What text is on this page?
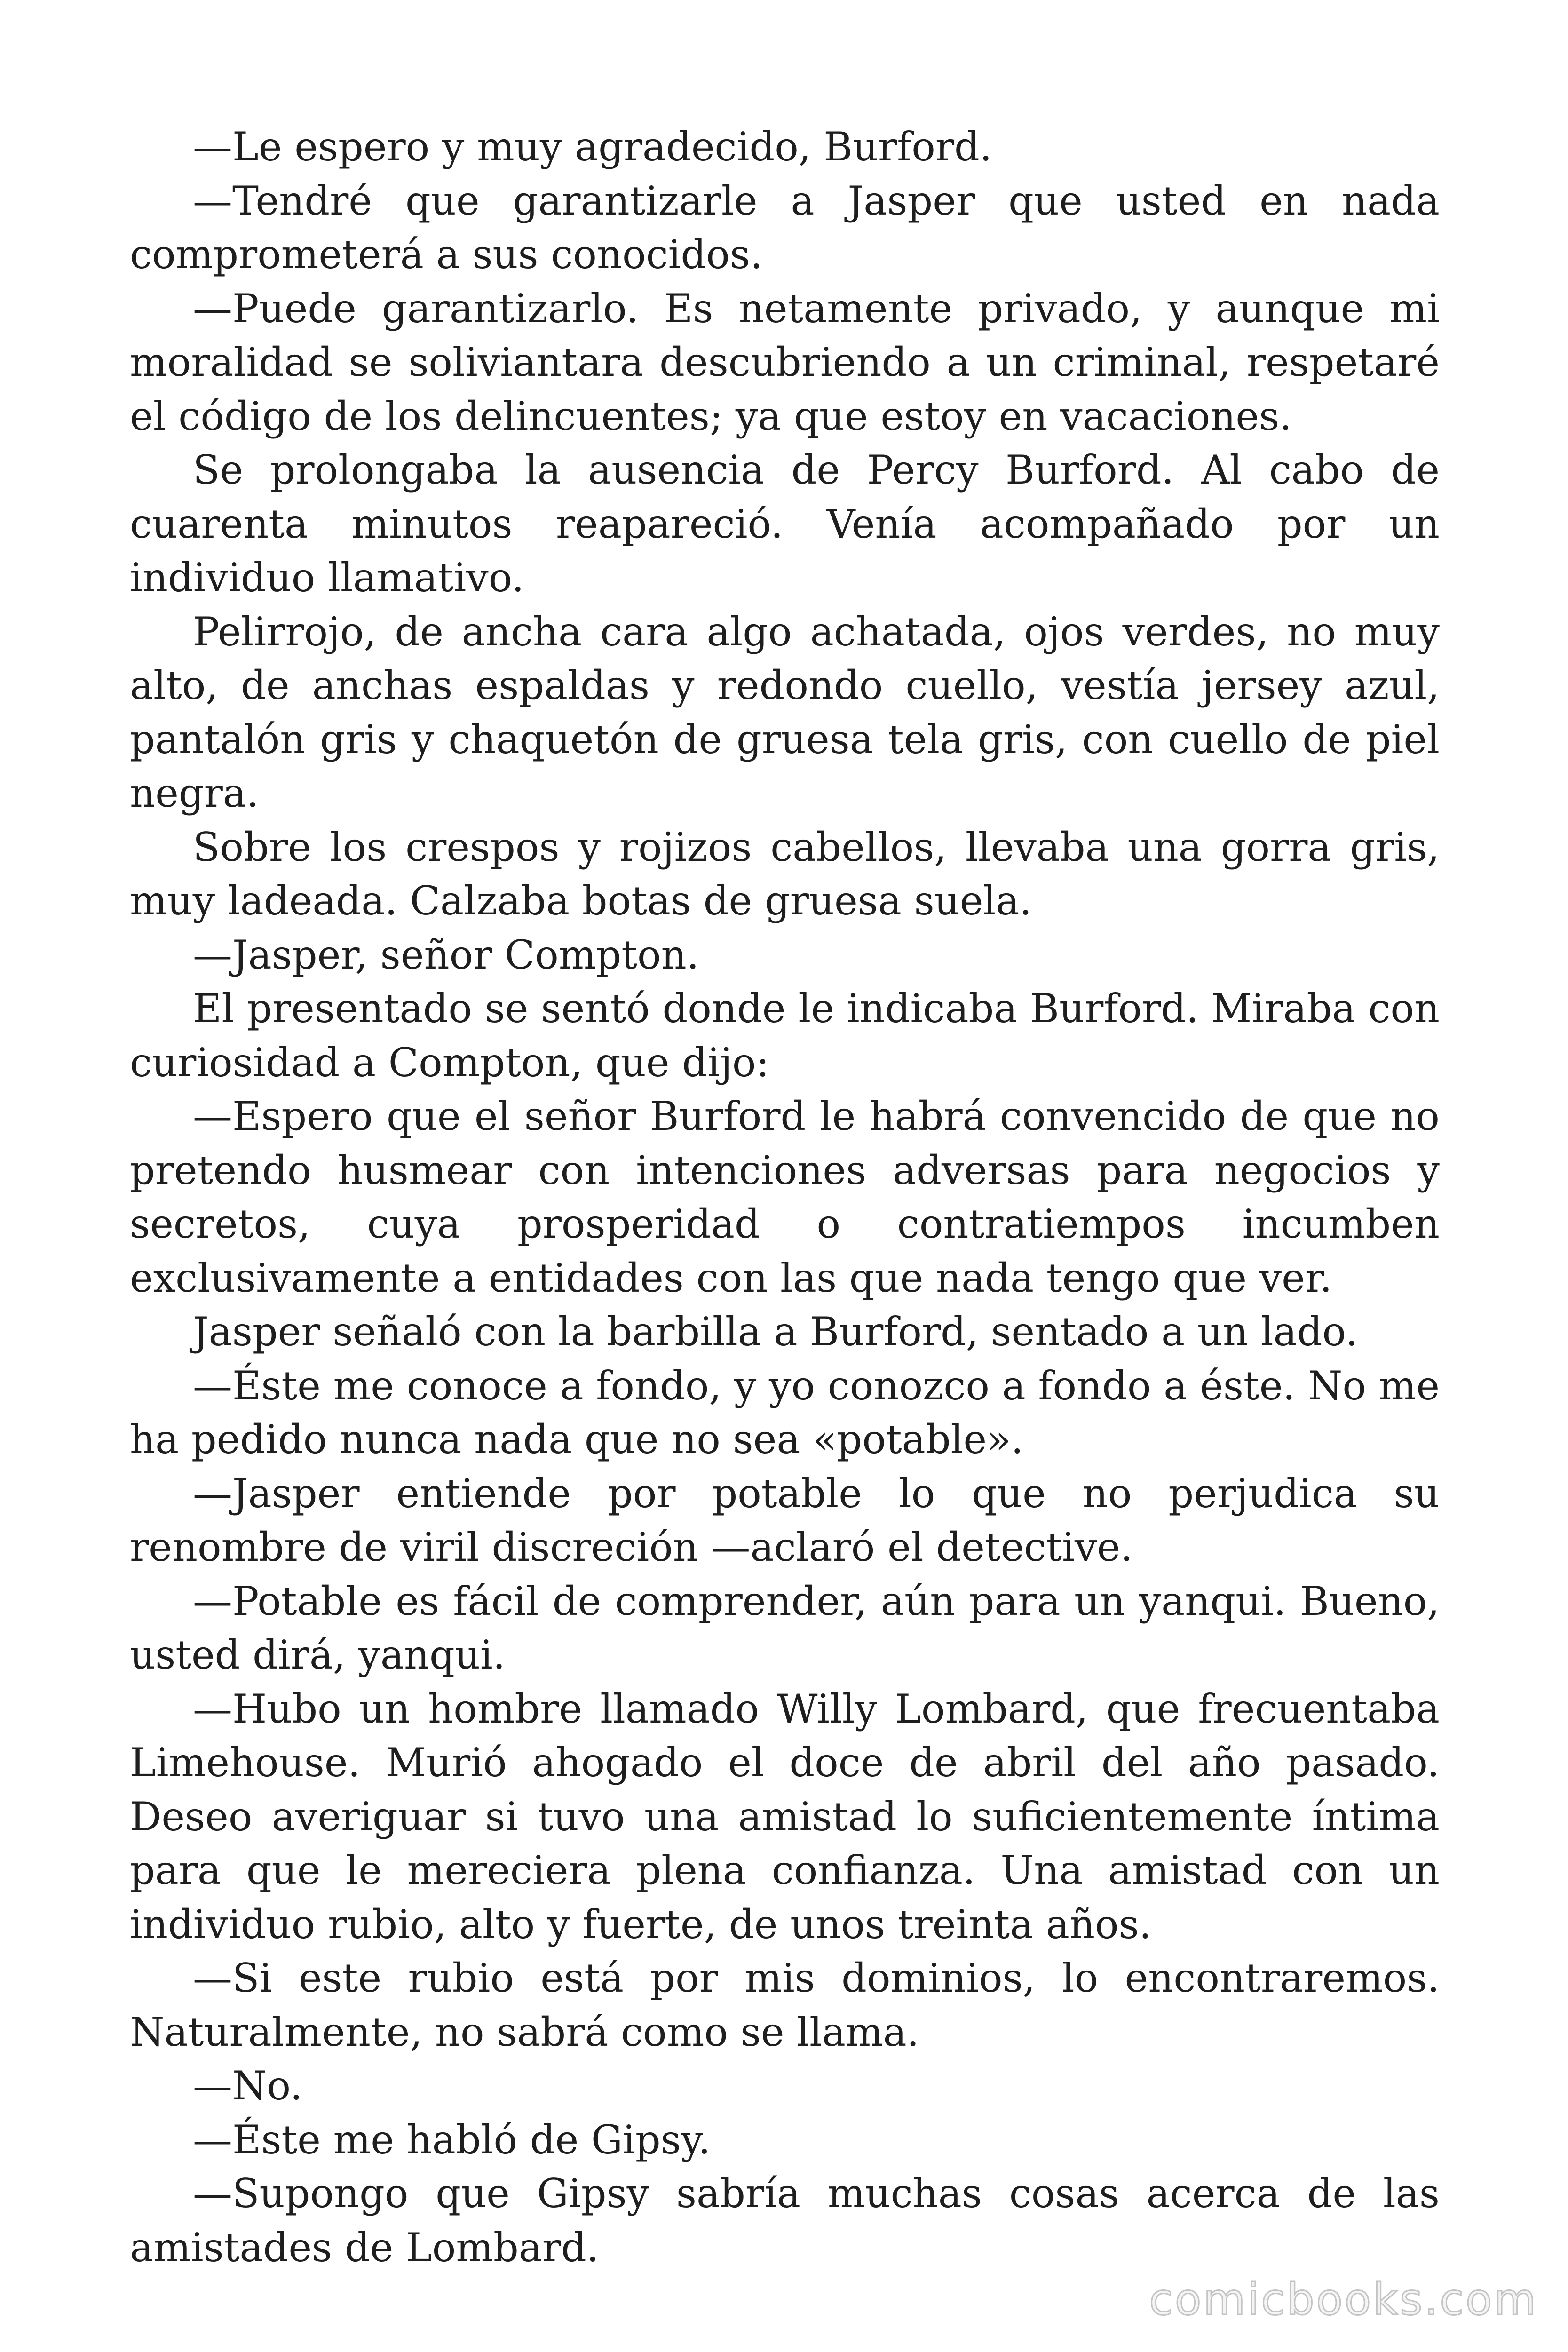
—Le espero y muy agradecido, Burford.

—Tendré que garantizarle a Jasper que usted en nada comprometerá a sus conocidos.

—Puede garantizarlo. Es netamente privado, y aunque mi moralidad se soliviantara descubriendo a un criminal, respetaré el código de los delincuentes; ya que estoy en vacaciones.

Se prolongaba la ausencia de Percy Burford. Al cabo de cuarenta minutos reapareció. Venía acompañado por un individuo llamativo.

Pelirrojo, de ancha cara algo achatada, ojos verdes, no muy alto, de anchas espaldas y redondo cuello, vestía jersey azul, pantalón gris y chaquetón de gruesa tela gris, con cuello de piel negra.

Sobre los crespos y rojizos cabellos, llevaba una gorra gris, muy ladeada. Calzaba botas de gruesa suela.

—Jasper, señor Compton.

El presentado se sentó donde le indicaba Burford. Miraba con curiosidad a Compton, que dijo:

—Espero que el señor Burford le habrá convencido de que no pretendo husmear con intenciones adversas para negocios y secretos, cuya prosperidad o contratiempos incumben exclusivamente a entidades con las que nada tengo que ver.

Jasper señaló con la barbilla a Burford, sentado a un lado.

—Éste me conoce a fondo, y yo conozco a fondo a éste. No me ha pedido nunca nada que no sea «potable».

—Jasper entiende por potable lo que no perjudica su renombre de viril discreción —aclaró el detective.

—Potable es fácil de comprender, aún para un yanqui. Bueno, usted dirá, yanqui.

—Hubo un hombre llamado Willy Lombard, que frecuentaba Limehouse. Murió ahogado el doce de abril del año pasado. Deseo averiguar si tuvo una amistad lo suficientemente íntima para que le mereciera plena confianza. Una amistad con un individuo rubio, alto y fuerte, de unos treinta años.

—Si este rubio está por mis dominios, lo encontraremos. Naturalmente, no sabrá como se llama.

—No.

—Éste me habló de Gipsy.

—Supongo que Gipsy sabría muchas cosas acerca de las amistades de Lombard.

comicbooks.com
